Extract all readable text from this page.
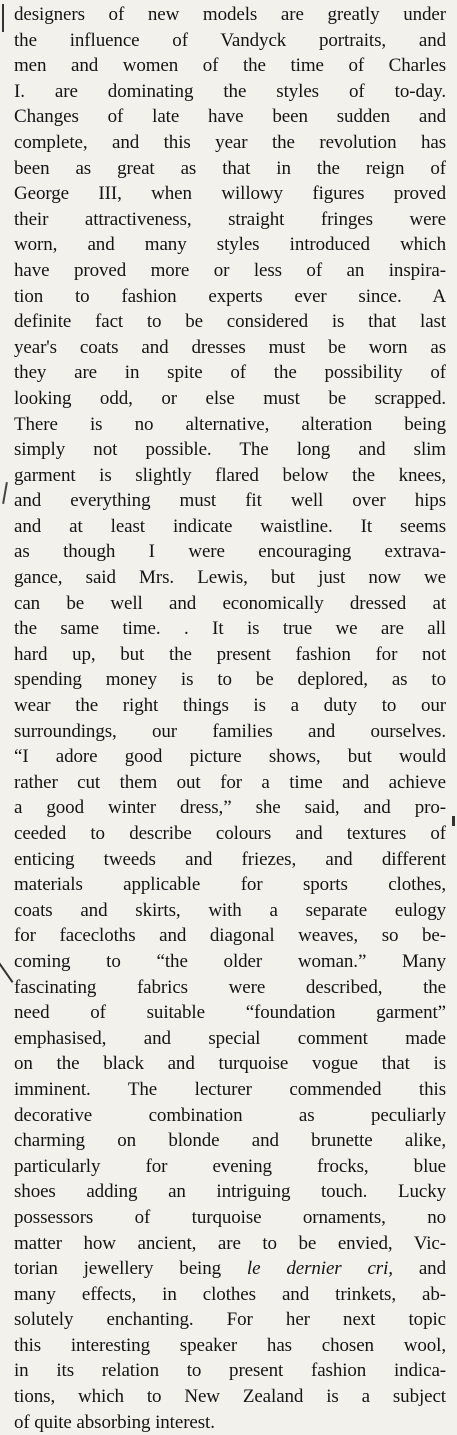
designers of new models are greatly under
the influence of Vandyck portraits, and
men and women of the time of Charles
I. are dominating the styles of to-day.
Changes of late have been sudden and
complete, and this year the revolution has
been as great as that in the reign of
George III, when willowy figures proved
their attractiveness, straight fringes were
worn, and many styles introduced which
have proved more or less of an inspira-
tion to fashion experts ever since. A
definite fact to be considered is that last
year's coats and dresses must be worn as
they are in spite of the possibility of
looking odd, or else must be scrapped.
There is no alternative, alteration being
simply not possible. The long and slim
garment is slightly flared below the knees,
and everything must fit well over hips
and at least indicate waistline. It seems
as though I were encouraging extrava-
gance, said Mrs. Lewis, but just now we
can be well and economically dressed at
the same time. . It is true we are all
hard up, but the present fashion for not
spending money is to be deplored, as to
wear the right things is a duty to our
surroundings, our families and ourselves.
“I adore good picture shows, but would
rather cut them out for a time and achieve
a good winter dress,” she said, and pro-
ceeded to describe colours and textures of
enticing tweeds and friezes, and different
materials applicable for sports clothes,
coats and skirts, with a separate eulogy
for facecloths and diagonal weaves, so be-
coming to “the older woman.” Many
fascinating fabrics were described, the
need of suitable “foundation garment”
emphasised, and special comment made
on the black and turquoise vogue that is
imminent. The lecturer commended this
decorative combination as peculiarly
charming on blonde and brunette alike,
particularly for evening frocks, blue
shoes adding an intriguing touch. Lucky
possessors of turquoise ornaments, no
matter how ancient, are to be envied, Vic-
torian jewellery being le dernier cri, and
many effects, in clothes and trinkets, ab-
solutely enchanting. For her next topic
this interesting speaker has chosen wool,
in its relation to present fashion indica-
tions, which to New Zealand is a subject
of quite absorbing interest.
